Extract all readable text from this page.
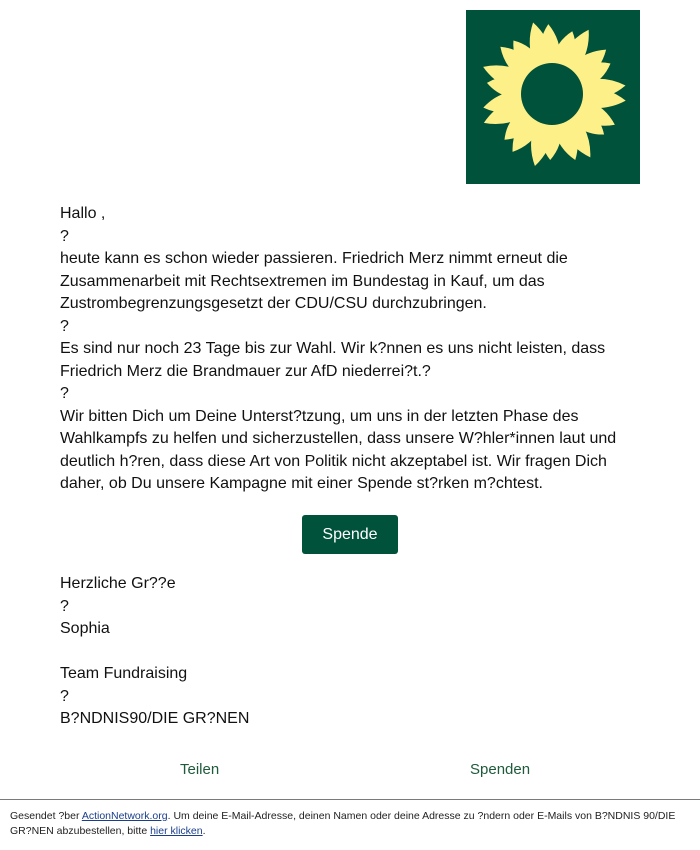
Hallo ,

?

heute kann es schon wieder passieren. Friedrich Merz nimmt erneut die Zusammenarbeit mit Rechtsextremen im Bundestag in Kauf, um das Zustrombegrenzungsgesetzt der CDU/CSU durchzubringen.

?

Es sind nur noch 23 Tage bis zur Wahl. Wir k?nnen es uns nicht leisten, dass Friedrich Merz die Brandmauer zur AfD niederrei?t.?

?

Wir bitten Dich um Deine Unterst?tzung, um uns in der letzten Phase des Wahlkampfs zu helfen und sicherzustellen, dass unsere W?hler*innen laut und deutlich h?ren, dass diese Art von Politik nicht akzeptabel ist. Wir fragen Dich daher, ob Du unsere Kampagne mit einer Spende st?rken m?chtest.

Spende

Herzliche Gr??e

?

Sophia

Team Fundraising

?

B?NDNIS90/DIE GR?NEN

Teilen	Spenden
Gesendet ?ber ActionNetwork.org. Um deine E-Mail-Adresse, deinen Namen oder deine Adresse zu ?ndern oder E-Mails von B?NDNIS 90/DIE GR?NEN abzubestellen, bitte hier klicken.
